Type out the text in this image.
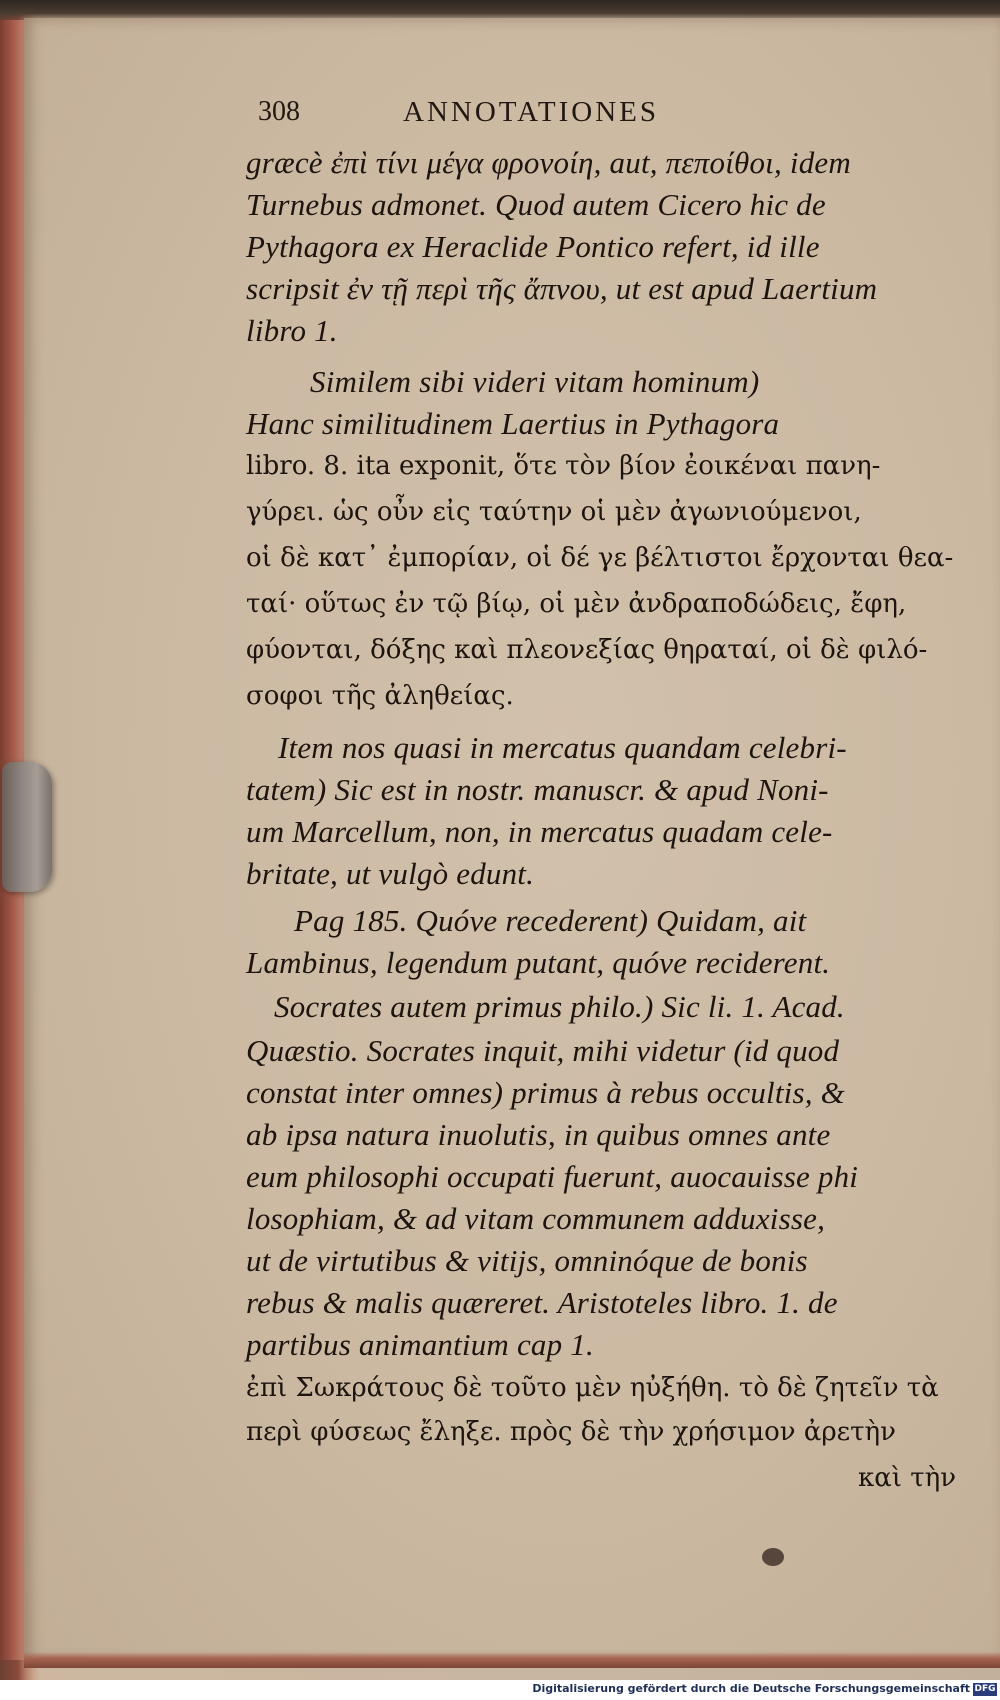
308	ANNOTATIONES
græcè ἐπὶ τίνι μέγα φρονοίη, aut, πεποίθοι, idem
Turnebus admonet. Quod autem Cicero hic de
Pythagora ex Heraclide Pontico refert, id ille
scripsit ἐν τῇ περὶ τῆς ἄπνου, ut est apud Laertium
libro 1.
Similem sibi videri vitam hominum)
Hanc similitudinem Laertius in Pythagora
libro. 8. ita exponit, ὅτε τὸν βίον ἐοικέναι πανη-
γύρει. ὡς οὖν εἰς ταύτην οἱ μὲν ἀγωνιούμενοι,
οἱ δὲ κατ᾽ ἐμπορίαν, οἱ δέ γε βέλτιστοι ἔρχονται θεα-
ταί· οὕτως ἐν τῷ βίῳ, οἱ μὲν ἀνδραποδώδεις, ἔφη,
φύονται, δόξης καὶ πλεονεξίας θηραταί, οἱ δὲ φιλό-
σοφοι τῆς ἀληθείας.
Item nos quasi in mercatus quandam celebri-
tatem) Sic est in nostr. manuscr. & apud Noni-
um Marcellum, non, in mercatus quadam cele-
britate, ut vulgò edunt.
Pag 185. Quóve recederent) Quidam, ait
Lambinus, legendum putant, quóve reciderent.
Socrates autem primus philo.) Sic li. 1. Acad.
Quæstio. Socrates inquit, mihi videtur (id quod
constat inter omnes) primus à rebus occultis, &
ab ipsa natura inuolutis, in quibus omnes ante
eum philosophi occupati fuerunt, auocauisse phi
losophiam, & ad vitam communem adduxisse,
ut de virtutibus & vitijs, omninóque de bonis
rebus & malis quæreret. Aristoteles libro. 1. de
partibus animantium cap 1.
ἐπὶ Σωκράτους δὲ τοῦτο μὲν ηὐξήθη. τὸ δὲ ζητεῖν τὰ
περὶ φύσεως ἔληξε. πρὸς δὲ τὴν χρήσιμον ἀρετὴν
καὶ τὴν
Digitalisierung gefördert durch die Deutsche Forschungsgemeinschaft DFG
